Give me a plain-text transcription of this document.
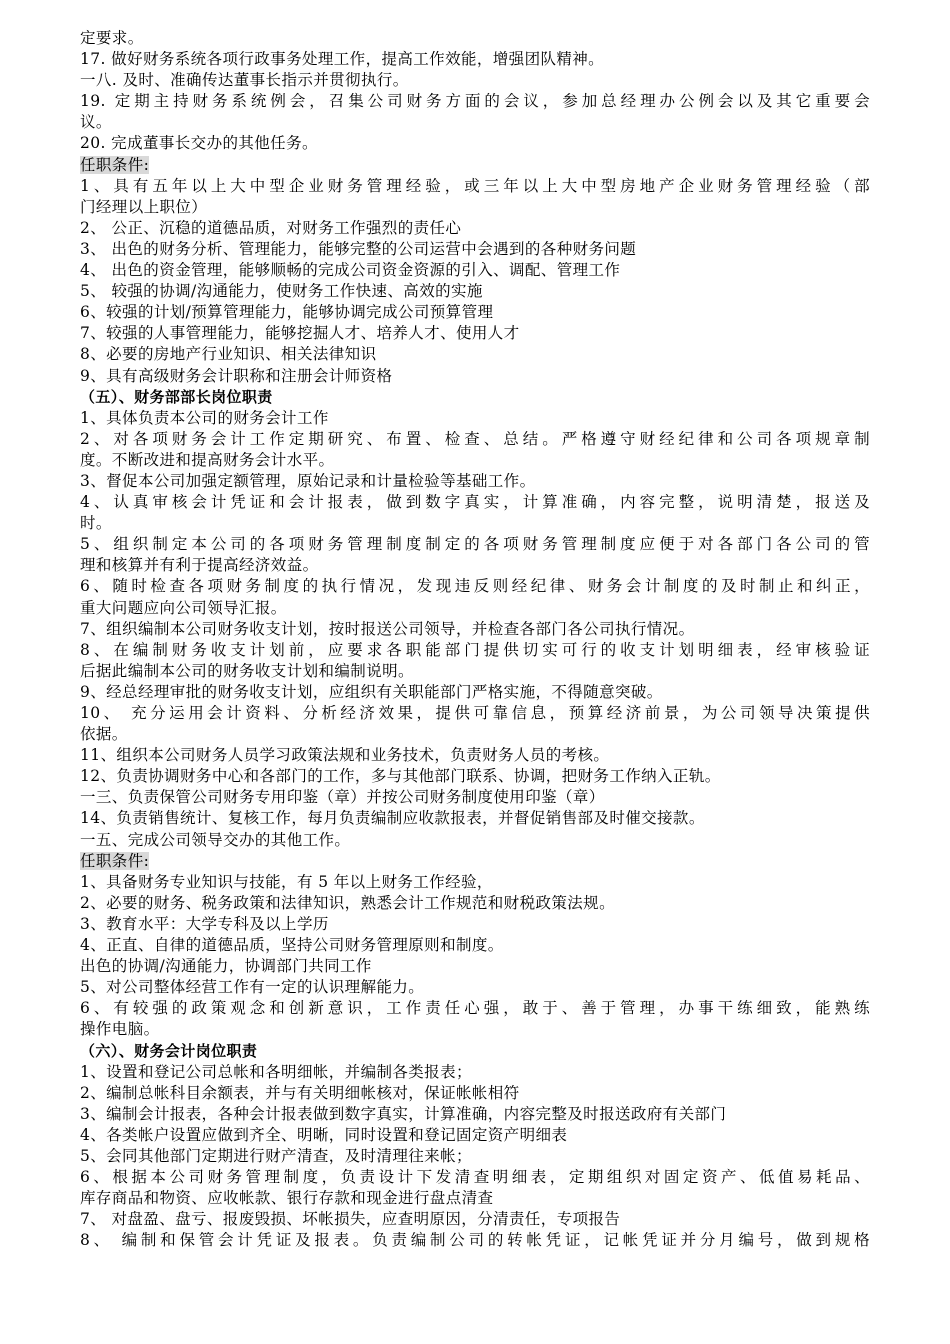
定要求。
17. 做好财务系统各项行政事务处理工作，提高工作效能，增强团队精神。
一八. 及时、准确传达董事长指示并贯彻执行。
19. 定期主持财务系统例会，召集公司财务方面的会议，参加总经理办公例会以及其它重要会
议。
20. 完成董事长交办的其他任务。
任职条件:
1、具有五年以上大中型企业财务管理经验，或三年以上大中型房地产企业财务管理经验（部
门经理以上职位）
2、 公正、沉稳的道德品质，对财务工作强烈的责任心
3、 出色的财务分析、管理能力，能够完整的公司运营中会遇到的各种财务问题
4、 出色的资金管理，能够顺畅的完成公司资金资源的引入、调配、管理工作
5、 较强的协调/沟通能力，使财务工作快速、高效的实施
6、较强的计划/预算管理能力，能够协调完成公司预算管理
7、较强的人事管理能力，能够挖掘人才、培养人才、使用人才
8、必要的房地产行业知识、相关法律知识
9、具有高级财务会计职称和注册会计师资格
（五）、财务部部长岗位职责
1、具体负责本公司的财务会计工作
2、对各项财务会计工作定期研究、布置、检查、总结。严格遵守财经纪律和公司各项规章制
度。不断改进和提高财务会计水平。
3、督促本公司加强定额管理，原始记录和计量检验等基础工作。
4、认真审核会计凭证和会计报表，做到数字真实，计算准确，内容完整，说明清楚，报送及
时。
5、组织制定本公司的各项财务管理制度制定的各项财务管理制度应便于对各部门各公司的管
理和核算并有利于提高经济效益。
6、随时检查各项财务制度的执行情况，发现违反则经纪律、财务会计制度的及时制止和纠正，
重大问题应向公司领导汇报。
7、组织编制本公司财务收支计划，按时报送公司领导，并检查各部门各公司执行情况。
8、在编制财务收支计划前，应要求各职能部门提供切实可行的收支计划明细表，经审核验证
后据此编制本公司的财务收支计划和编制说明。
9、经总经理审批的财务收支计划，应组织有关职能部门严格实施，不得随意突破。
10、 充分运用会计资料、分析经济效果，提供可靠信息，预算经济前景，为公司领导决策提供
依据。
11、组织本公司财务人员学习政策法规和业务技术，负责财务人员的考核。
12、负责协调财务中心和各部门的工作，多与其他部门联系、协调，把财务工作纳入正轨。
一三、负责保管公司财务专用印鉴（章）并按公司财务制度使用印鉴（章）
14、负责销售统计、复核工作，每月负责编制应收款报表，并督促销售部及时催交接款。
一五、完成公司领导交办的其他工作。
任职条件:
1、具备财务专业知识与技能，有 5 年以上财务工作经验，
2、必要的财务、税务政策和法律知识，熟悉会计工作规范和财税政策法规。
3、教育水平：大学专科及以上学历
4、正直、自律的道德品质，坚持公司财务管理原则和制度。
出色的协调/沟通能力，协调部门共同工作
5、对公司整体经营工作有一定的认识理解能力。
6、有较强的政策观念和创新意识，工作责任心强，敢于、善于管理，办事干练细致，能熟练
操作电脑。
（六）、财务会计岗位职责
1、设置和登记公司总帐和各明细帐，并编制各类报表；
2、编制总帐科目余额表，并与有关明细帐核对，保证帐帐相符
3、编制会计报表，各种会计报表做到数字真实，计算准确，内容完整及时报送政府有关部门
4、各类帐户设置应做到齐全、明晰，同时设置和登记固定资产明细表
5、会同其他部门定期进行财产清查，及时清理往来帐；
6、根据本公司财务管理制度，负责设计下发清查明细表，定期组织对固定资产、低值易耗品、
库存商品和物资、应收帐款、银行存款和现金进行盘点清查
7、 对盘盈、盘亏、报废毁损、坏帐损失，应查明原因，分清责任，专项报告
8、 编制和保管会计凭证及报表。负责编制公司的转帐凭证，记帐凭证并分月编号，做到规格
